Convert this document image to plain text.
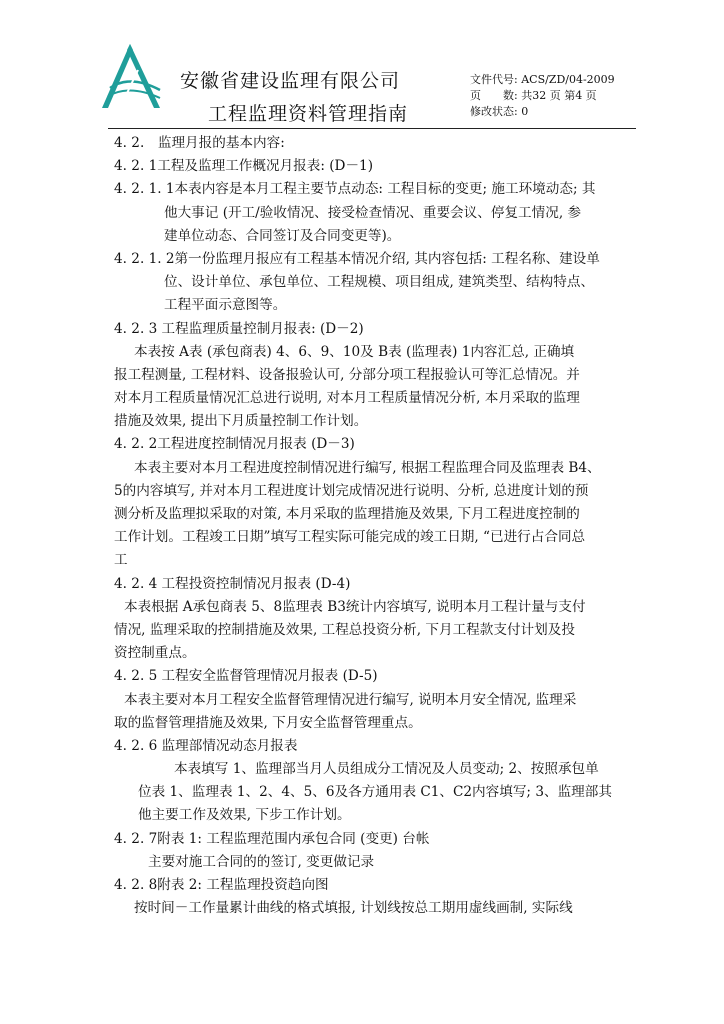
安徽省建设监理有限公司
工程监理资料管理指南
文件代号: ACS/ZD/04-2009
页　　数: 共32 页 第4 页
修改状态: 0
4. 2.　监理月报的基本内容:
4. 2. 1工程及监理工作概况月报表: (D－1)
4. 2. 1. 1本表内容是本月工程主要节点动态: 工程目标的变更; 施工环境动态; 其
他大事记 (开工/验收情况、接受检查情况、重要会议、停复工情况, 参
建单位动态、合同签订及合同变更等)。
4. 2. 1. 2第一份监理月报应有工程基本情况介绍, 其内容包括: 工程名称、建设单
位、设计单位、承包单位、工程规模、项目组成, 建筑类型、结构特点、
工程平面示意图等。
4. 2. 3 工程监理质量控制月报表: (D－2)
本表按 A表 (承包商表) 4、6、9、10及 B表 (监理表) 1内容汇总, 正确填
报工程测量, 工程材料、设备报验认可, 分部分项工程报验认可等汇总情况。并
对本月工程质量情况汇总进行说明, 对本月工程质量情况分析, 本月采取的监理
措施及效果, 提出下月质量控制工作计划。
4. 2. 2工程进度控制情况月报表 (D－3)
本表主要对本月工程进度控制情况进行编写, 根据工程监理合同及监理表 B4、
5的内容填写, 并对本月工程进度计划完成情况进行说明、分析, 总进度计划的预
测分析及监理拟采取的对策, 本月采取的监理措施及效果, 下月工程进度控制的
工作计划。工程竣工日期”填写工程实际可能完成的竣工日期, “已进行占合同总
工
4. 2. 4 工程投资控制情况月报表 (D-4)
本表根据 A承包商表 5、8监理表 B3统计内容填写, 说明本月工程计量与支付
情况, 监理采取的控制措施及效果, 工程总投资分析, 下月工程款支付计划及投
资控制重点。
4. 2. 5 工程安全监督管理情况月报表 (D-5)
本表主要对本月工程安全监督管理情况进行编写, 说明本月安全情况, 监理采
取的监督管理措施及效果, 下月安全监督管理重点。
4. 2. 6 监理部情况动态月报表
本表填写 1、监理部当月人员组成分工情况及人员变动; 2、按照承包单
位表 1、监理表 1、2、4、5、6及各方通用表 C1、C2内容填写; 3、监理部其
他主要工作及效果, 下步工作计划。
4. 2. 7附表 1: 工程监理范围内承包合同 (变更) 台帐
主要对施工合同的的签订, 变更做记录
4. 2. 8附表 2: 工程监理投资趋向图
按时间－工作量累计曲线的格式填报, 计划线按总工期用虚线画制, 实际线
